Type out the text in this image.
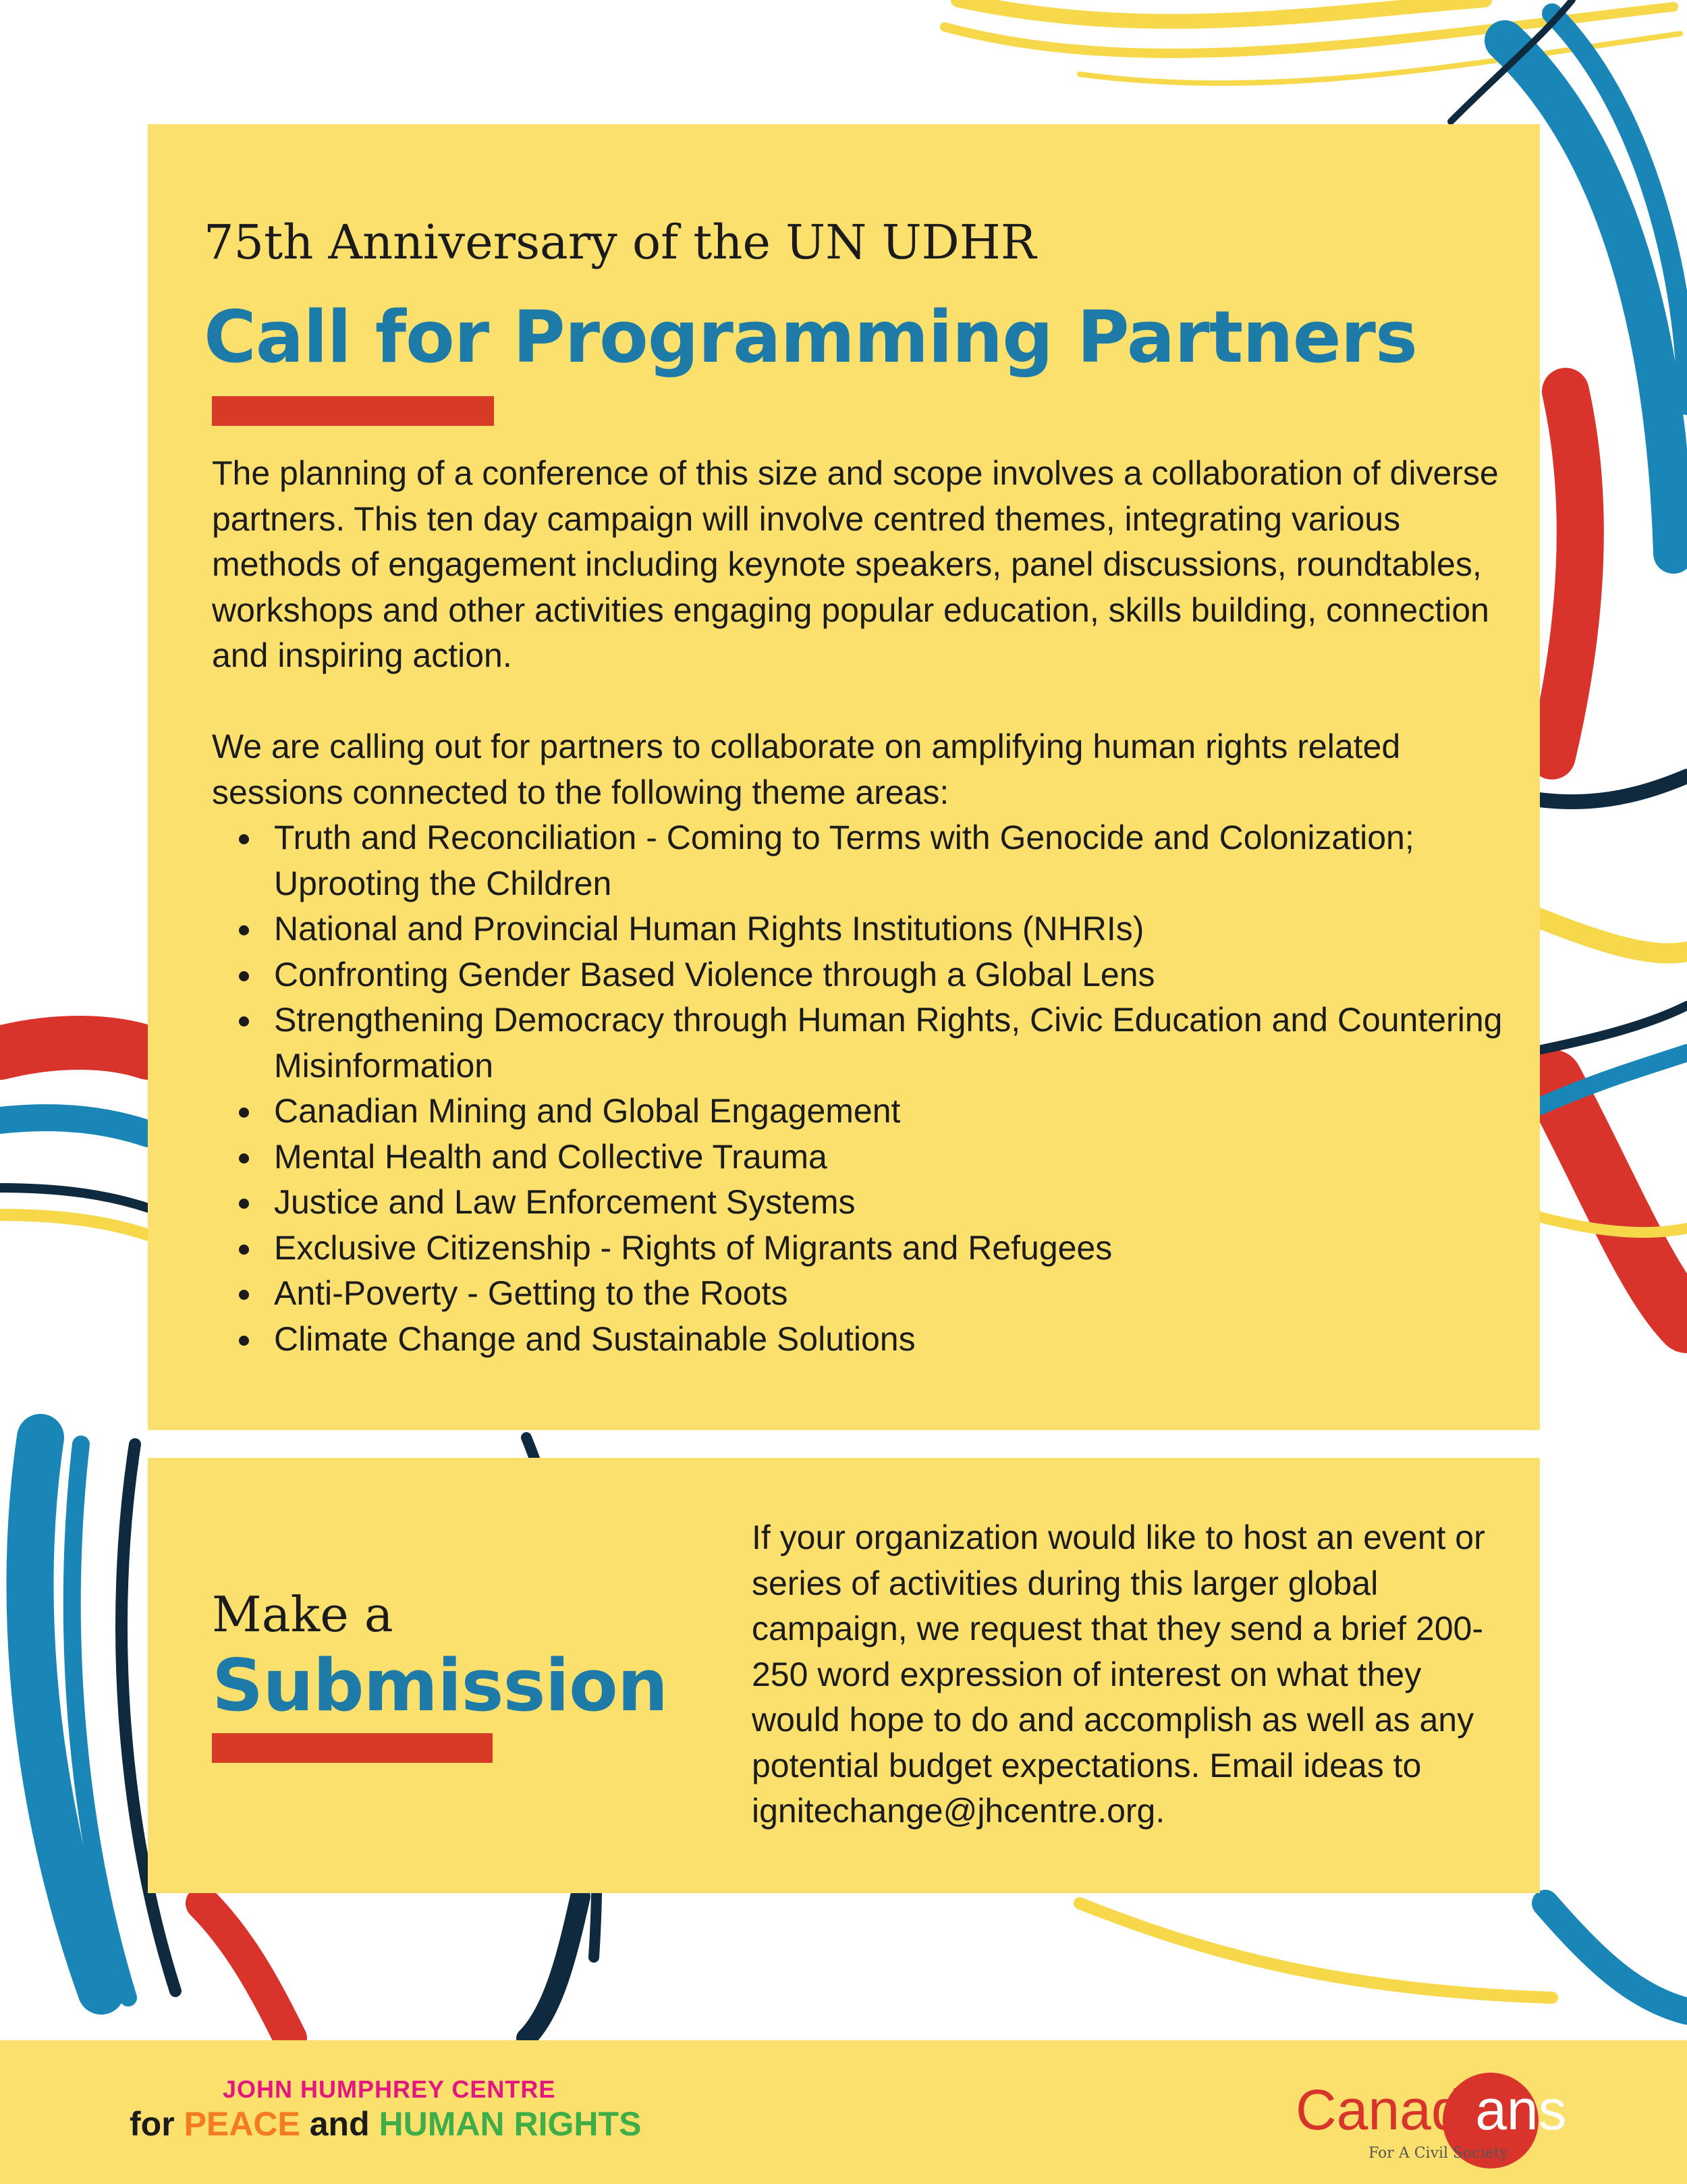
75th Anniversary of the UN UDHR
Call for Programming Partners

The planning of a conference of this size and scope involves a collaboration of diverse partners. This ten day campaign will involve centred themes, integrating various methods of engagement including keynote speakers, panel discussions, roundtables, workshops and other activities engaging popular education, skills building, connection and inspiring action.

We are calling out for partners to collaborate on amplifying human rights related sessions connected to the following theme areas:

Truth and Reconciliation - Coming to Terms with Genocide and Colonization; Uprooting the Children
National and Provincial Human Rights Institutions (NHRIs)
Confronting Gender Based Violence through a Global Lens
Strengthening Democracy through Human Rights, Civic Education and Countering Misinformation
Canadian Mining and Global Engagement
Mental Health and Collective Trauma
Justice and Law Enforcement Systems
Exclusive Citizenship - Rights of Migrants and Refugees
Anti-Poverty - Getting to the Roots
Climate Change and Sustainable Solutions
Make a
Submission

If your organization would like to host an event or series of activities during this larger global campaign, we request that they send a brief 200-250 word expression of interest on what they would hope to do and accomplish as well as any potential budget expectations. Email ideas to ignitechange@jhcentre.org.

JOHN HUMPHREY CENTRE

for PEACE and HUMAN RIGHTS	Canadians

For A Civil Society
